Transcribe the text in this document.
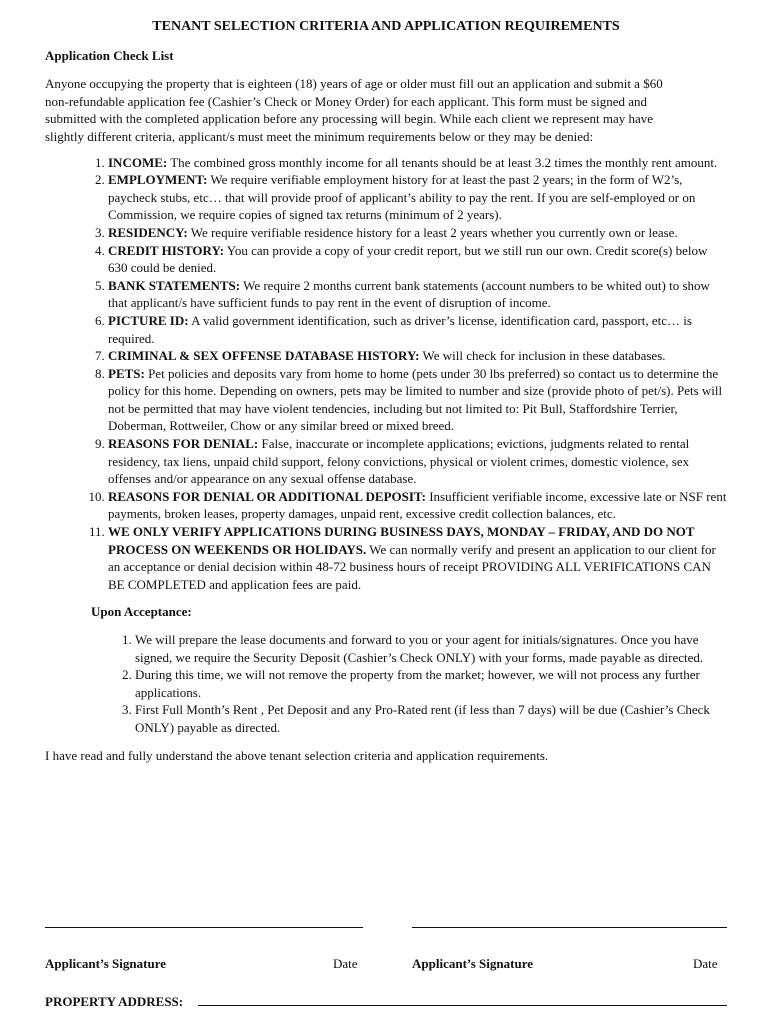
TENANT SELECTION CRITERIA AND APPLICATION REQUIREMENTS
Application Check List
Anyone occupying the property that is eighteen (18) years of age or older must fill out an application and submit a $60 non-refundable application fee (Cashier’s Check or Money Order) for each applicant. This form must be signed and submitted with the completed application before any processing will begin. While each client we represent may have slightly different criteria, applicant/s must meet the minimum requirements below or they may be denied:
1. INCOME: The combined gross monthly income for all tenants should be at least 3.2 times the monthly rent amount.
2. EMPLOYMENT: We require verifiable employment history for at least the past 2 years; in the form of W2’s, paycheck stubs, etc… that will provide proof of applicant’s ability to pay the rent. If you are self-employed or on Commission, we require copies of signed tax returns (minimum of 2 years).
3. RESIDENCY: We require verifiable residence history for a least 2 years whether you currently own or lease.
4. CREDIT HISTORY: You can provide a copy of your credit report, but we still run our own. Credit score(s) below 630 could be denied.
5. BANK STATEMENTS: We require 2 months current bank statements (account numbers to be whited out) to show that applicant/s have sufficient funds to pay rent in the event of disruption of income.
6. PICTURE ID: A valid government identification, such as driver’s license, identification card, passport, etc… is required.
7. CRIMINAL & SEX OFFENSE DATABASE HISTORY: We will check for inclusion in these databases.
8. PETS: Pet policies and deposits vary from home to home (pets under 30 lbs preferred) so contact us to determine the policy for this home. Depending on owners, pets may be limited to number and size (provide photo of pet/s). Pets will not be permitted that may have violent tendencies, including but not limited to: Pit Bull, Staffordshire Terrier, Doberman, Rottweiler, Chow or any similar breed or mixed breed.
9. REASONS FOR DENIAL: False, inaccurate or incomplete applications; evictions, judgments related to rental residency, tax liens, unpaid child support, felony convictions, physical or violent crimes, domestic violence, sex offenses and/or appearance on any sexual offense database.
10. REASONS FOR DENIAL OR ADDITIONAL DEPOSIT: Insufficient verifiable income, excessive late or NSF rent payments, broken leases, property damages, unpaid rent, excessive credit collection balances, etc.
11. WE ONLY VERIFY APPLICATIONS DURING BUSINESS DAYS, MONDAY – FRIDAY, AND DO NOT PROCESS ON WEEKENDS OR HOLIDAYS. We can normally verify and present an application to our client for an acceptance or denial decision within 48-72 business hours of receipt PROVIDING ALL VERIFICATIONS CAN BE COMPLETED and application fees are paid.
Upon Acceptance:
1. We will prepare the lease documents and forward to you or your agent for initials/signatures. Once you have signed, we require the Security Deposit (Cashier’s Check ONLY) with your forms, made payable as directed.
2. During this time, we will not remove the property from the market; however, we will not process any further applications.
3. First Full Month’s Rent , Pet Deposit and any Pro-Rated rent (if less than 7 days) will be due (Cashier’s Check ONLY) payable as directed.
I have read and fully understand the above tenant selection criteria and application requirements.
Applicant’s Signature	Date	Applicant’s Signature	Date
PROPERTY ADDRESS:
